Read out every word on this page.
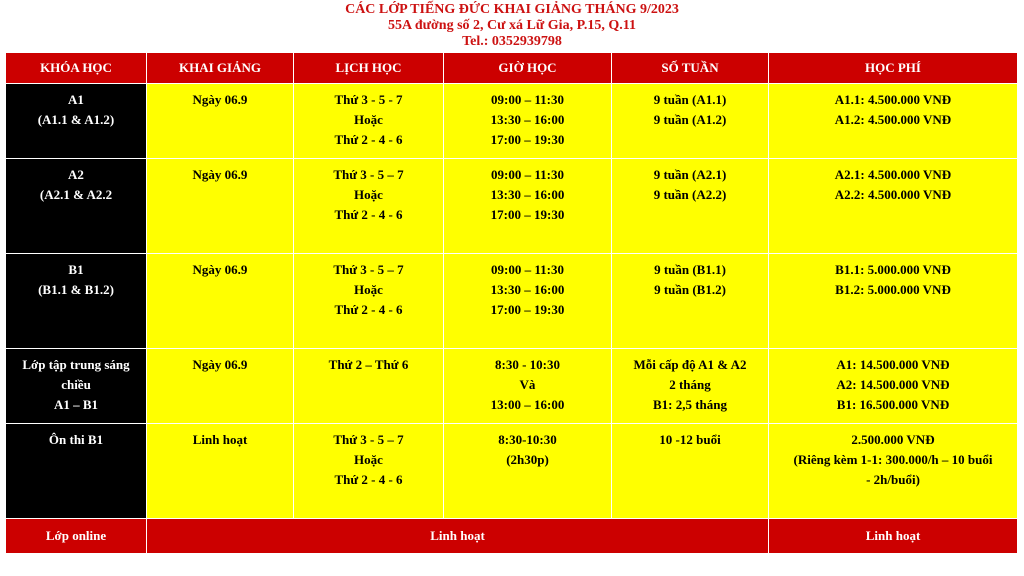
CÁC LỚP TIẾNG ĐỨC KHAI GIẢNG THÁNG 9/2023
55A đường số 2, Cư xá Lữ Gia, P.15, Q.11
Tel.: 0352939798
KHÓA HỌC	KHAI GIẢNG	LỊCH HỌC	GIỜ HỌC	SỐ TUẦN	HỌC PHÍ

A1
(A1.1 & A1.2)	Ngày 06.9	Thứ 3 - 5 - 7
Hoặc
Thứ 2 - 4 - 6	09:00 – 11:30
13:30 – 16:00
17:00 – 19:30	9 tuần (A1.1)
9 tuần (A1.2)	A1.1: 4.500.000 VNĐ
A1.2: 4.500.000 VNĐ

A2
(A2.1 & A2.2	Ngày 06.9	Thứ 3 - 5 – 7
Hoặc
Thứ 2 - 4 - 6	09:00 – 11:30
13:30 – 16:00
17:00 – 19:30	9 tuần (A2.1)
9 tuần (A2.2)	A2.1: 4.500.000 VNĐ
A2.2: 4.500.000 VNĐ

B1
(B1.1 & B1.2)	Ngày 06.9	Thứ 3 - 5 – 7
Hoặc
Thứ 2 - 4 - 6	09:00 – 11:30
13:30 – 16:00
17:00 – 19:30	9 tuần (B1.1)
9 tuần (B1.2)	B1.1: 5.000.000 VNĐ
B1.2: 5.000.000 VNĐ

Lớp tập trung sáng
chiều
A1 – B1	Ngày 06.9	Thứ 2 – Thứ 6	8:30 - 10:30
Và
13:00 – 16:00	Mỗi cấp độ A1 & A2
2 tháng
B1: 2,5 tháng	A1: 14.500.000 VNĐ
A2: 14.500.000 VNĐ
B1: 16.500.000 VNĐ

Ôn thi B1	Linh hoạt	Thứ 3 - 5 – 7
Hoặc
Thứ 2 - 4 - 6	8:30-10:30
(2h30p)	10 -12 buổi	2.500.000 VNĐ
(Riêng kèm 1-1: 300.000/h – 10 buổi
- 2h/buổi)

Lớp online	Linh hoạt				Linh hoạt
